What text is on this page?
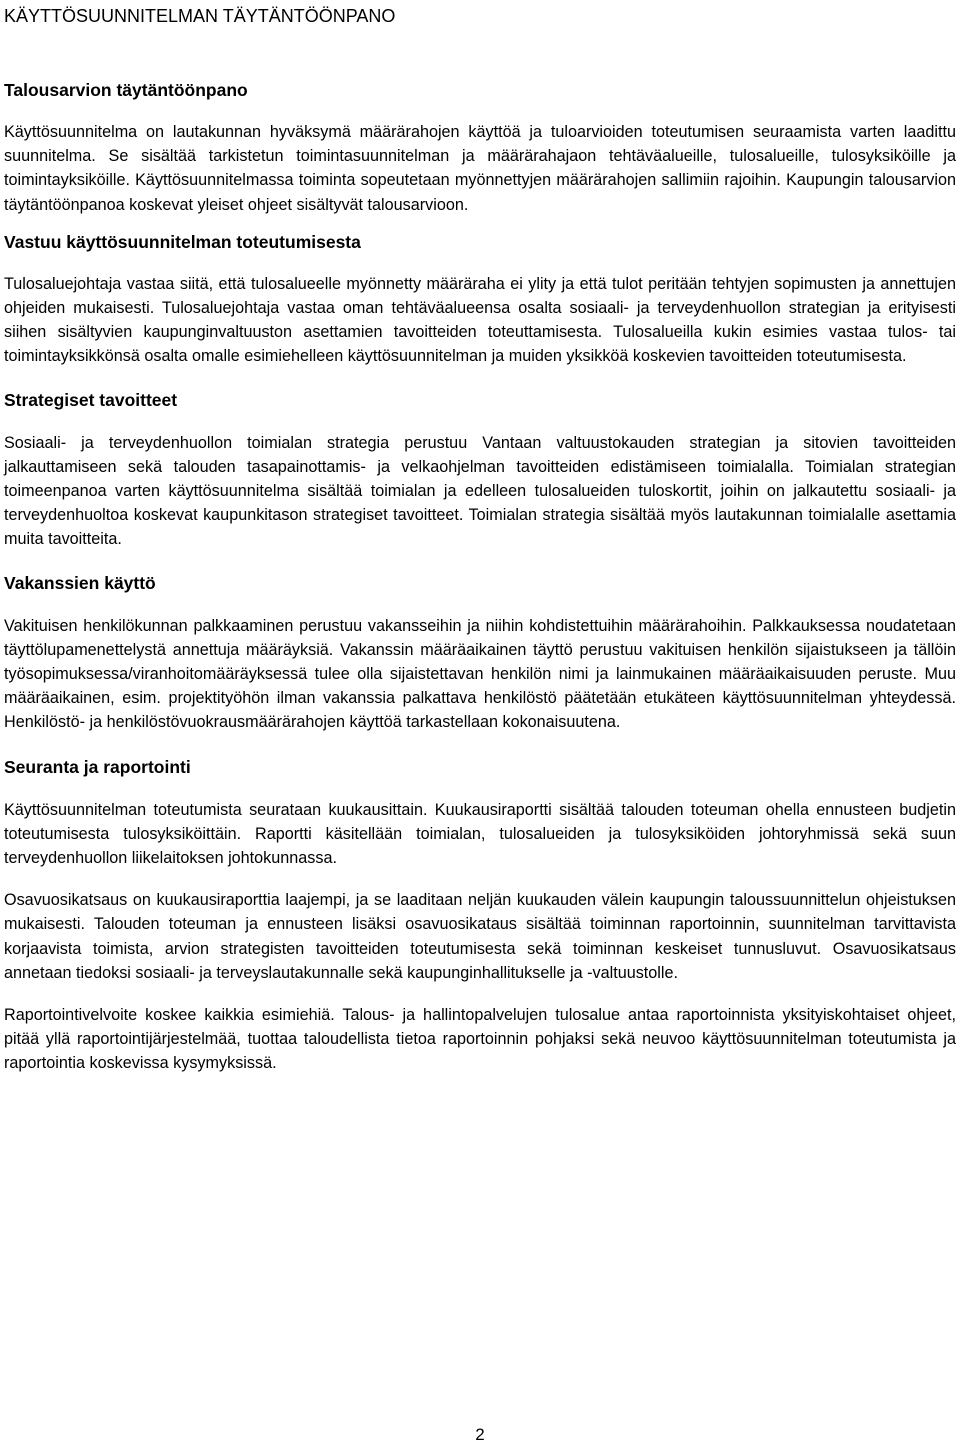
KÄYTTÖSUUNNITELMAN TÄYTÄNTÖÖNPANO
Talousarvion täytäntöönpano

Käyttösuunnitelma on lautakunnan hyväksymä määrärahojen käyttöä ja tuloarvioiden toteutumisen seuraamista varten laadittu suunnitelma. Se sisältää tarkistetun toimintasuunnitelman ja määrärahajaon tehtäväalueille, tulosalueille, tulosyksiköille ja toimintayksiköille. Käyttösuunnitelmassa toiminta sopeutetaan myönnettyjen määrärahojen sallimiin rajoihin. Kaupungin talousarvion täytäntöönpanoa koskevat yleiset ohjeet sisältyvät talousarvioon.

Vastuu käyttösuunnitelman toteutumisesta

Tulosaluejohtaja vastaa siitä, että tulosalueelle myönnetty määräraha ei ylity ja että tulot peritään tehtyjen sopimusten ja annettujen ohjeiden mukaisesti. Tulosaluejohtaja vastaa oman tehtäväalueensa osalta sosiaali- ja terveydenhuollon strategian ja erityisesti siihen sisältyvien kaupunginvaltuuston asettamien tavoitteiden toteuttamisesta. Tulosalueilla kukin esimies vastaa tulos- tai toimintayksikkönsä osalta omalle esimiehelleen käyttösuunnitelman ja muiden yksikköä koskevien tavoitteiden toteutumisesta.

Strategiset tavoitteet

Sosiaali- ja terveydenhuollon toimialan strategia perustuu Vantaan valtuustokauden strategian ja sitovien tavoitteiden jalkauttamiseen sekä talouden tasapainottamis- ja velkaohjelman tavoitteiden edistämiseen toimialalla. Toimialan strategian toimeenpanoa varten käyttösuunnitelma sisältää toimialan ja edelleen tulosalueiden tuloskortit, joihin on jalkautettu sosiaali- ja terveydenhuoltoa koskevat kaupunkitason strategiset tavoitteet. Toimialan strategia sisältää myös lautakunnan toimialalle asettamia muita tavoitteita.

Vakanssien käyttö

Vakituisen henkilökunnan palkkaaminen perustuu vakansseihin ja niihin kohdistettuihin määrärahoihin. Palkkauksessa noudatetaan täyttölupamenettelystä annettuja määräyksiä. Vakanssin määräaikainen täyttö perustuu vakituisen henkilön sijaistukseen ja tällöin työsopimuksessa/viranhoitomääräyksessä tulee olla sijaistettavan henkilön nimi ja lainmukainen määräaikaisuuden peruste. Muu määräaikainen, esim. projektityöhön ilman vakanssia palkattava henkilöstö päätetään etukäteen käyttösuunnitelman yhteydessä. Henkilöstö- ja henkilöstövuokrausmäärärahojen käyttöä tarkastellaan kokonaisuutena.

Seuranta ja raportointi

Käyttösuunnitelman toteutumista seurataan kuukausittain. Kuukausiraportti sisältää talouden toteuman ohella ennusteen budjetin toteutumisesta tulosyksiköittäin. Raportti käsitellään toimialan, tulosalueiden ja tulosyksiköiden johtoryhmissä sekä suun terveydenhuollon liikelaitoksen johtokunnassa.

Osavuosikatsaus on kuukausiraporttia laajempi, ja se laaditaan neljän kuukauden välein kaupungin taloussuunnittelun ohjeistuksen mukaisesti. Talouden toteuman ja ennusteen lisäksi osavuosikataus sisältää toiminnan raportoinnin, suunnitelman tarvittavista korjaavista toimista, arvion strategisten tavoitteiden toteutumisesta sekä toiminnan keskeiset tunnusluvut. Osavuosikatsaus annetaan tiedoksi sosiaali- ja terveyslautakunnalle sekä kaupunginhallitukselle ja -valtuustolle.

Raportointivelvoite koskee kaikkia esimiehiä. Talous- ja hallintopalvelujen tulosalue antaa raportoinnista yksityiskohtaiset ohjeet, pitää yllä raportointijärjestelmää, tuottaa taloudellista tietoa raportoinnin pohjaksi sekä neuvoo käyttösuunnitelman toteutumista ja raportointia koskevissa kysymyksissä.

2
